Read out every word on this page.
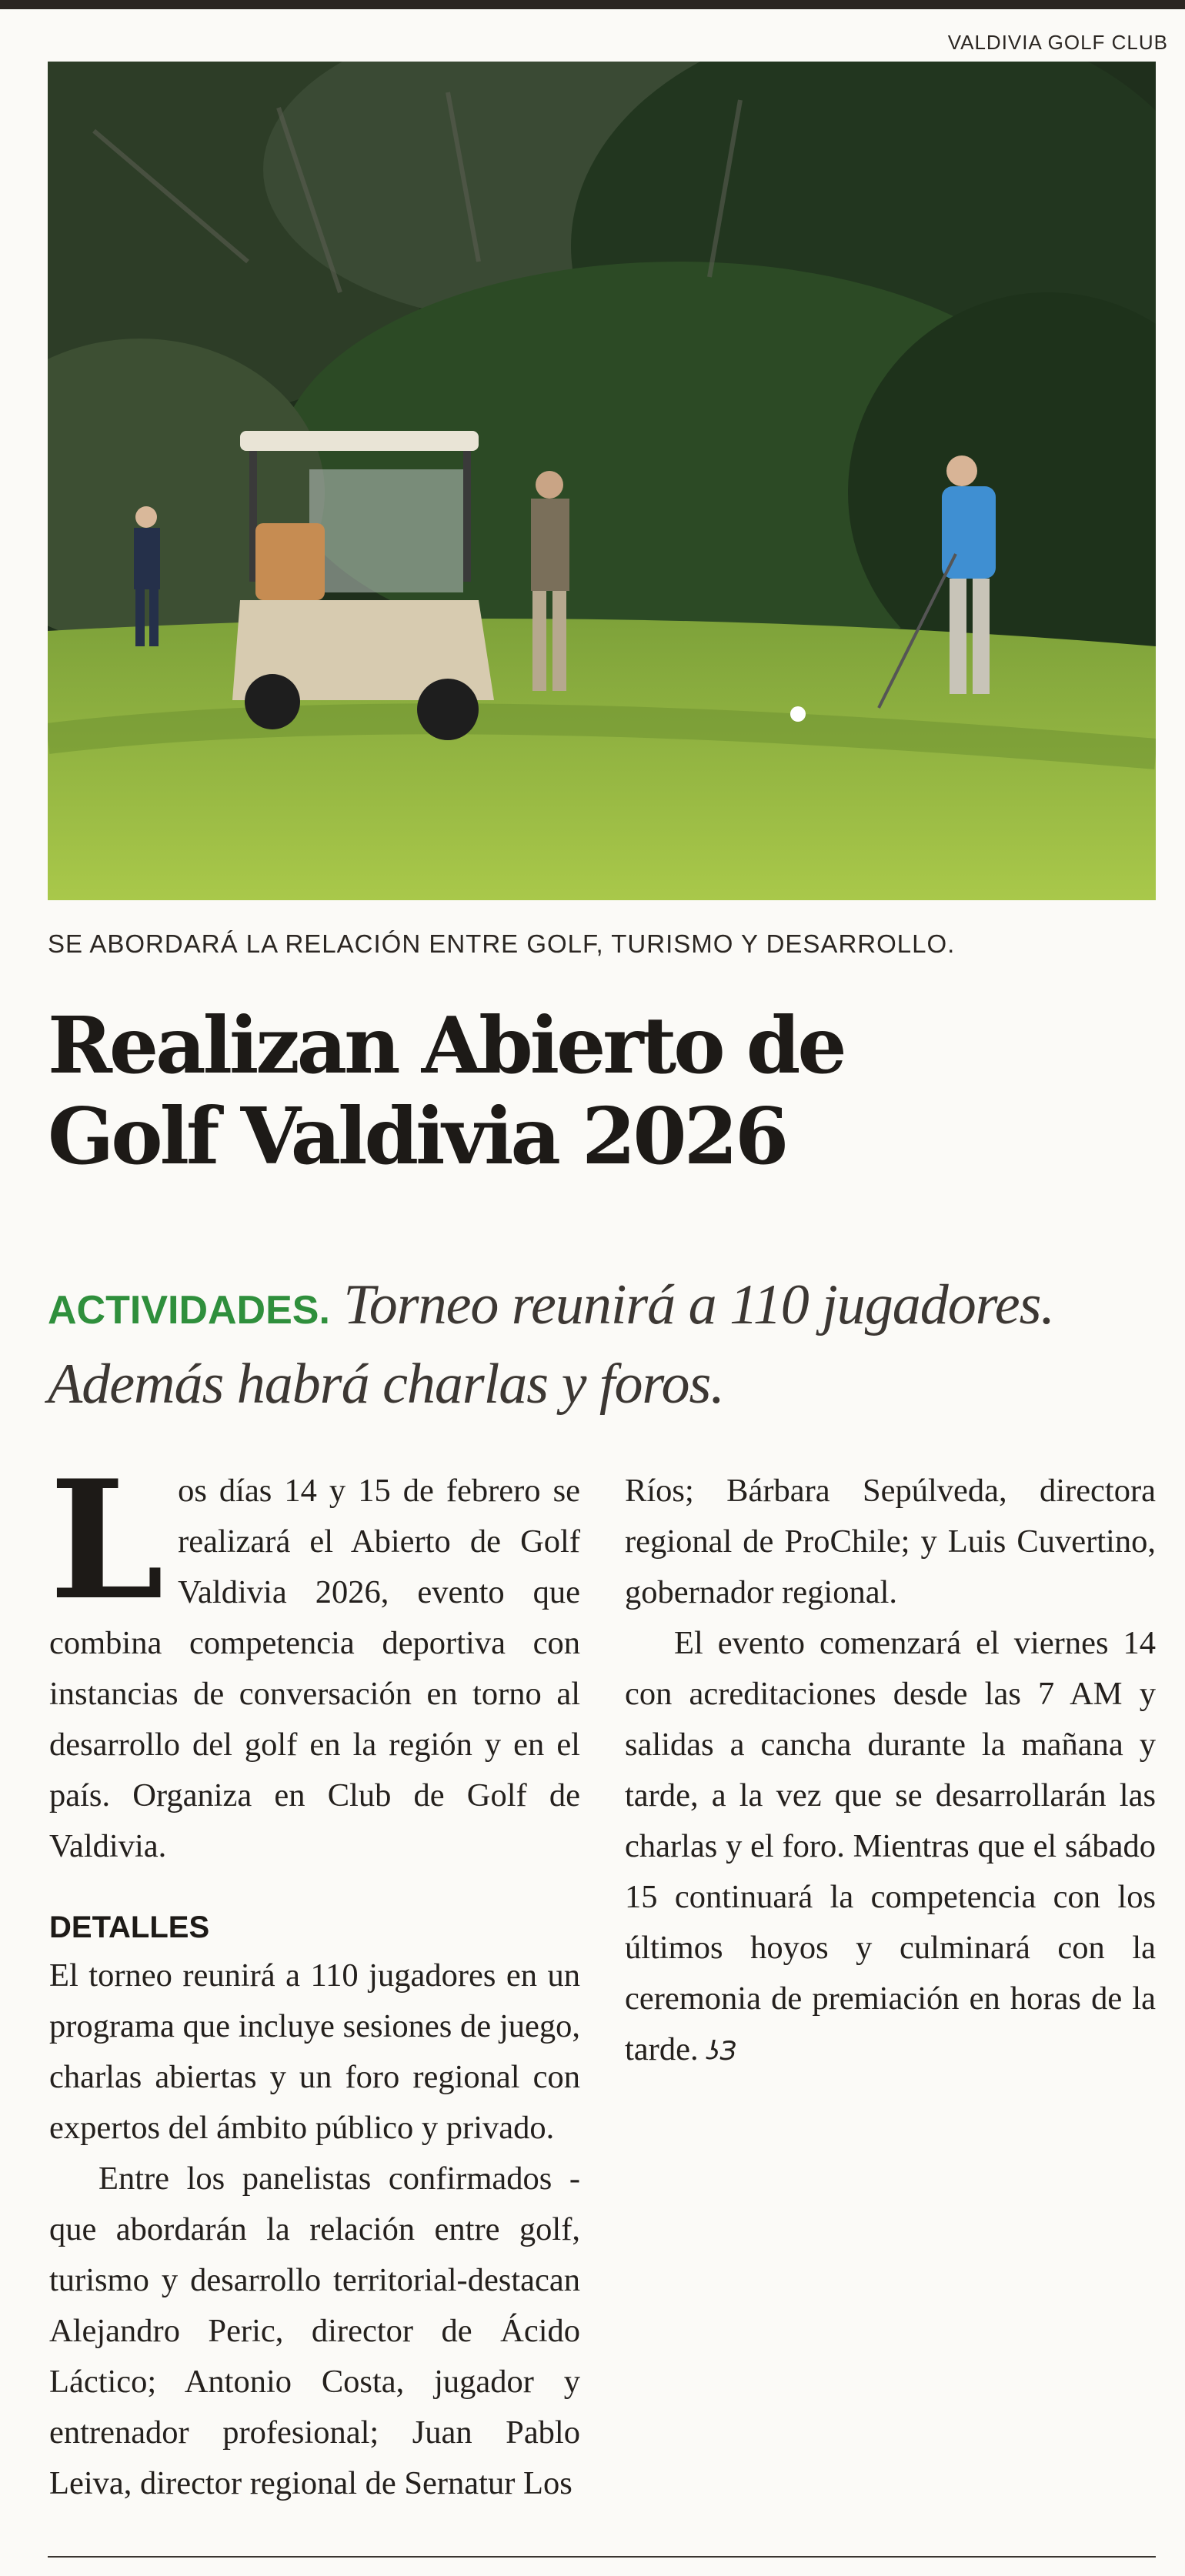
VALDIVIA GOLF CLUB
SE ABORDARÁ LA RELACIÓN ENTRE GOLF, TURISMO Y DESARROLLO.
Realizan Abierto de
Golf Valdivia 2026
ACTIVIDADES. Torneo reunirá a 110 jugadores. Además habrá charlas y foros.

Los días 14 y 15 de febrero se realizará el Abierto de Golf Valdivia 2026, evento que combina competencia deportiva con instancias de conversación en torno al desarrollo del golf en la región y en el país. Organiza en Club de Golf de Valdivia.

DETALLES

El torneo reunirá a 110 jugadores en un programa que incluye sesiones de juego, charlas abiertas y un foro regional con expertos del ámbito público y privado.

Entre los panelistas confirmados -que abordarán la relación entre golf, turismo y desarrollo territorial-destacan Alejandro Peric, director de Ácido Láctico; Antonio Costa, jugador y entrenador profesional; Juan Pablo Leiva, director regional de Sernatur Los

Ríos; Bárbara Sepúlveda, directora regional de ProChile; y Luis Cuvertino, gobernador regional.

El evento comenzará el viernes 14 con acreditaciones desde las 7 AM y salidas a cancha durante la mañana y tarde, a la vez que se desarrollarán las charlas y el foro. Mientras que el sábado 15 continuará la competencia con los últimos hoyos y culminará con la ceremonia de premiación en horas de la tarde. ʖЗ
